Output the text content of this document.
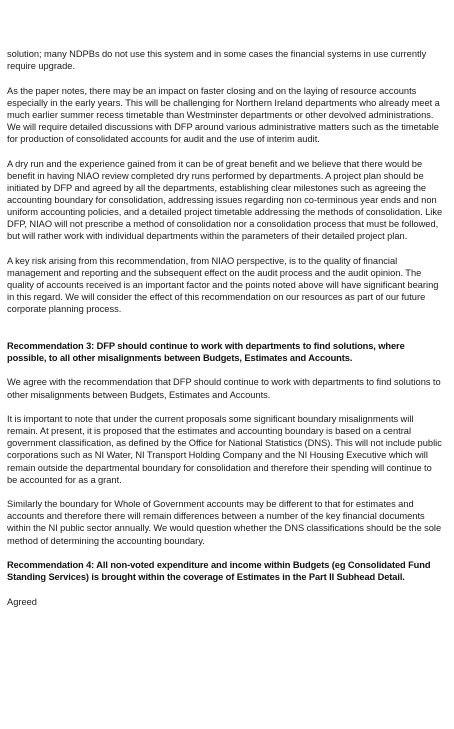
solution; many NDPBs do not use this system and in some cases the financial systems in use currently require upgrade.

As the paper notes, there may be an impact on faster closing and on the laying of resource accounts especially in the early years. This will be challenging for Northern Ireland departments who already meet a much earlier summer recess timetable than Westminster departments or other devolved administrations. We will require detailed discussions with DFP around various administrative matters such as the timetable for production of consolidated accounts for audit and the use of interim audit.

A dry run and the experience gained from it can be of great benefit and we believe that there would be benefit in having NIAO review completed dry runs performed by departments. A project plan should be initiated by DFP and agreed by all the departments, establishing clear milestones such as agreeing the accounting boundary for consolidation, addressing issues regarding non co-terminous year ends and non uniform accounting policies, and a detailed project timetable addressing the methods of consolidation. Like DFP, NIAO will not prescribe a method of consolidation nor a consolidation process that must be followed, but will rather work with individual departments within the parameters of their detailed project plan.

A key risk arising from this recommendation, from NIAO perspective, is to the quality of financial management and reporting and the subsequent effect on the audit process and the audit opinion. The quality of accounts received is an important factor and the points noted above will have significant bearing in this regard. We will consider the effect of this recommendation on our resources as part of our future corporate planning process.

Recommendation 3: DFP should continue to work with departments to find solutions, where possible, to all other misalignments between Budgets, Estimates and Accounts.

We agree with the recommendation that DFP should continue to work with departments to find solutions to other misalignments between Budgets, Estimates and Accounts.

It is important to note that under the current proposals some significant boundary misalignments will remain. At present, it is proposed that the estimates and accounting boundary is based on a central government classification, as defined by the Office for National Statistics (DNS). This will not include public corporations such as NI Water, NI Transport Holding Company and the NI Housing Executive which will remain outside the departmental boundary for consolidation and therefore their spending will continue to be accounted for as a grant.

Similarly the boundary for Whole of Government accounts may be different to that for estimates and accounts and therefore there will remain differences between a number of the key financial documents within the NI public sector annually. We would question whether the DNS classifications should be the sole method of determining the accounting boundary.

Recommendation 4: All non-voted expenditure and income within Budgets (eg Consolidated Fund Standing Services) is brought within the coverage of Estimates in the Part II Subhead Detail.

Agreed
